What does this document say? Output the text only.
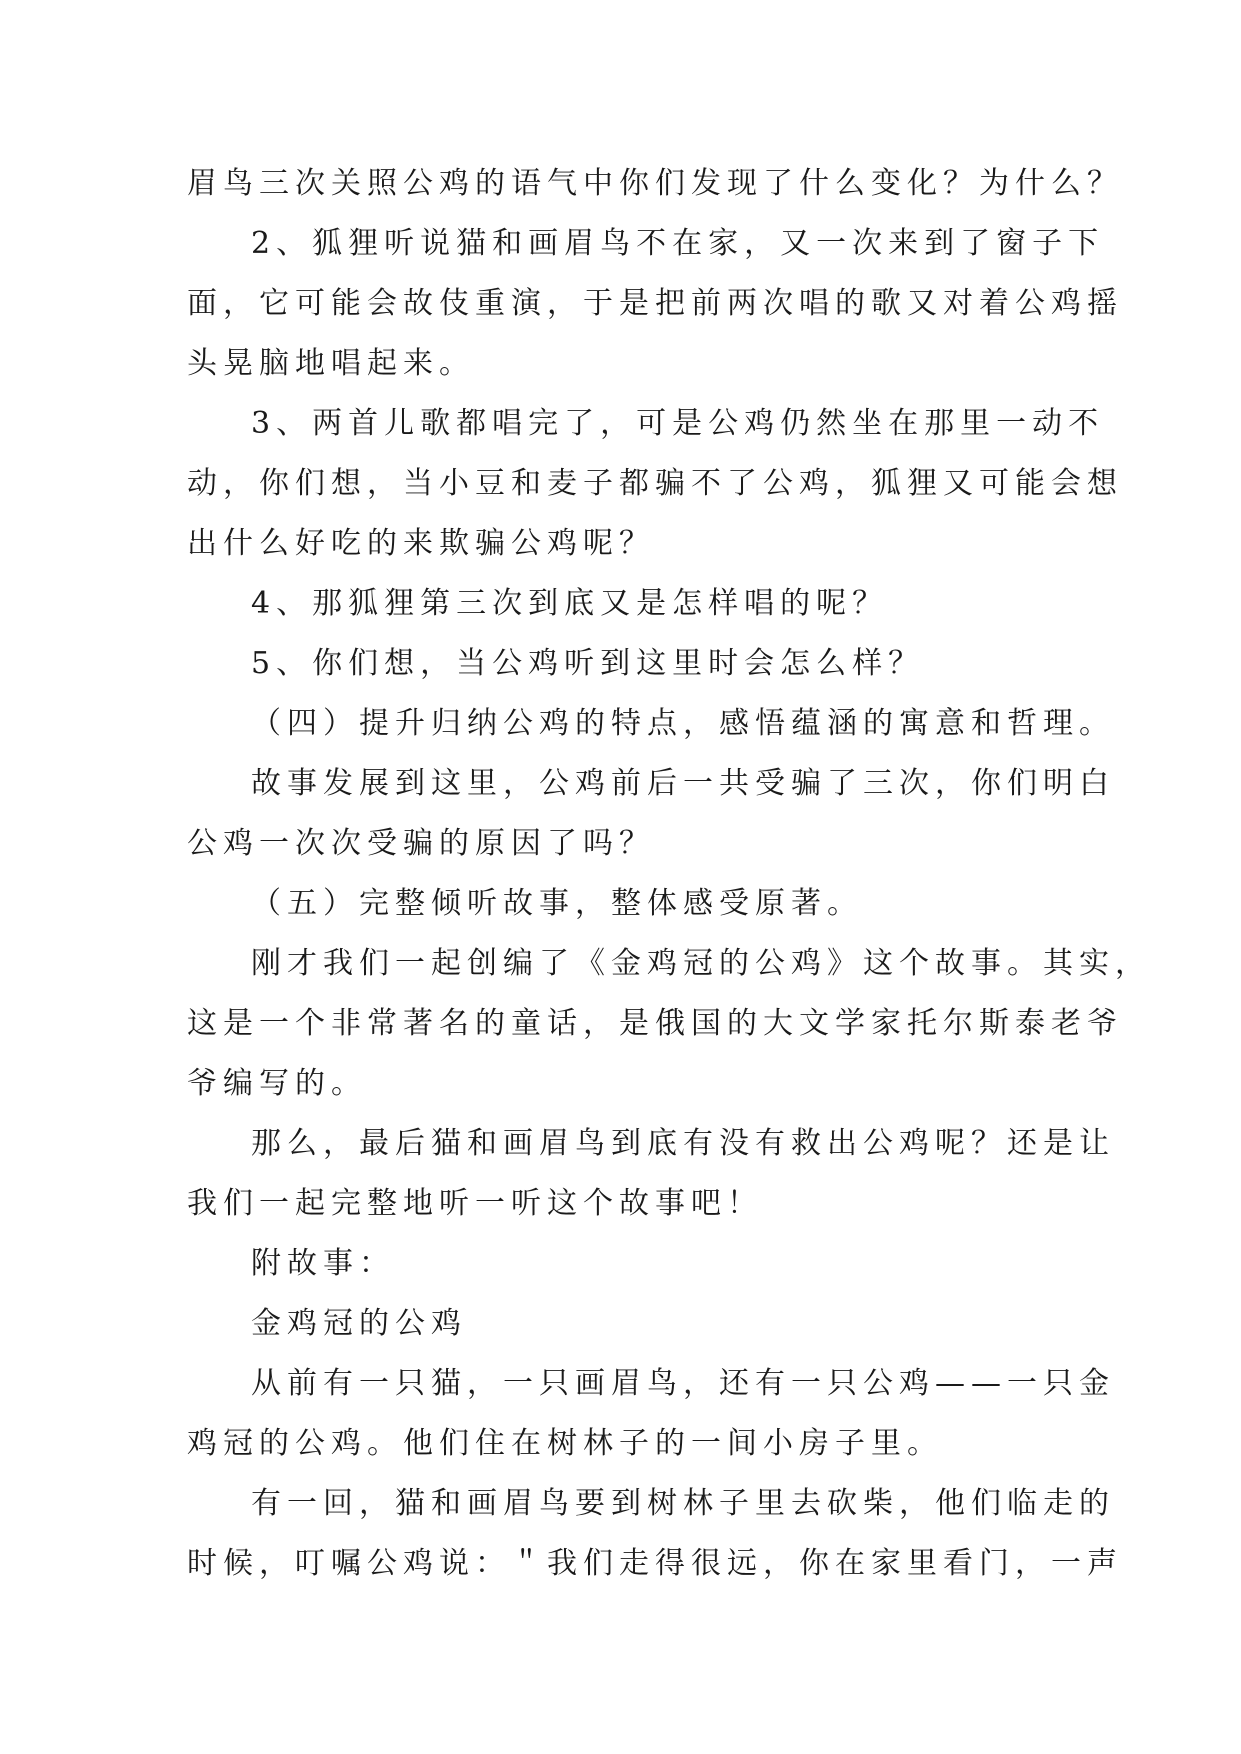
眉鸟三次关照公鸡的语气中你们发现了什么变化？为什么？
2、狐狸听说猫和画眉鸟不在家，又一次来到了窗子下
面，它可能会故伎重演，于是把前两次唱的歌又对着公鸡摇
头晃脑地唱起来。
3、两首儿歌都唱完了，可是公鸡仍然坐在那里一动不
动，你们想，当小豆和麦子都骗不了公鸡，狐狸又可能会想
出什么好吃的来欺骗公鸡呢？
4、那狐狸第三次到底又是怎样唱的呢？
5、你们想，当公鸡听到这里时会怎么样？
（四）提升归纳公鸡的特点，感悟蕴涵的寓意和哲理。
故事发展到这里，公鸡前后一共受骗了三次，你们明白
公鸡一次次受骗的原因了吗？
（五）完整倾听故事，整体感受原著。
刚才我们一起创编了《金鸡冠的公鸡》这个故事。其实，
这是一个非常著名的童话，是俄国的大文学家托尔斯泰老爷
爷编写的。
那么，最后猫和画眉鸟到底有没有救出公鸡呢？还是让
我们一起完整地听一听这个故事吧！
附故事：
金鸡冠的公鸡
从前有一只猫，一只画眉鸟，还有一只公鸡——一只金
鸡冠的公鸡。他们住在树林子的一间小房子里。
有一回，猫和画眉鸟要到树林子里去砍柴，他们临走的
时候，叮嘱公鸡说：＂我们走得很远，你在家里看门，一声
